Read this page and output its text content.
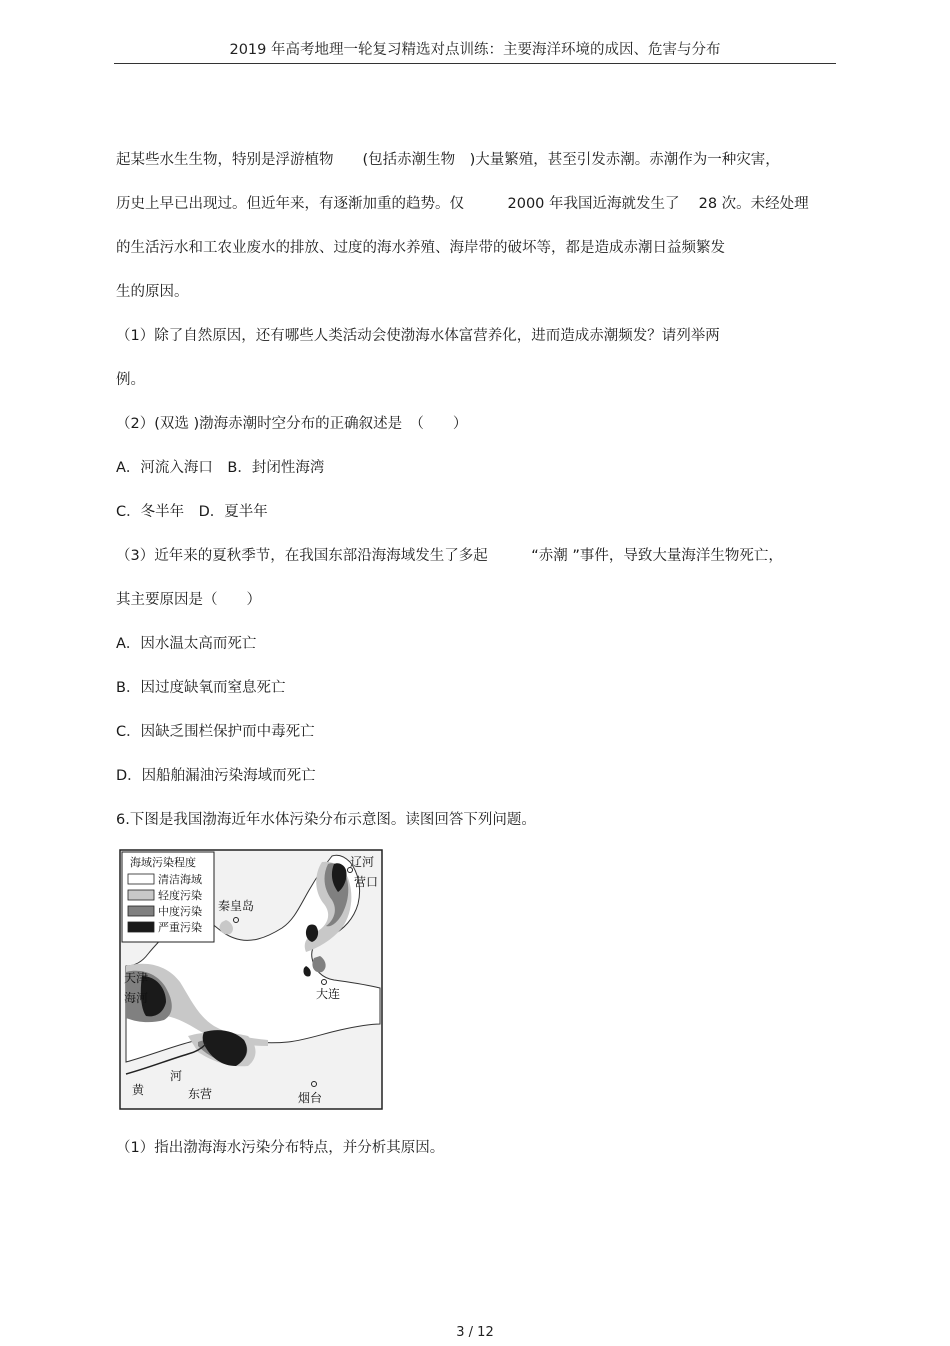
2019 年高考地理一轮复习精选对点训练：主要海洋环境的成因、危害与分布
起某些水生生物，特别是浮游植物　　(包括赤潮生物　)大量繁殖，甚至引发赤潮。赤潮作为一种灾害，
历史上早已出现过。但近年来，有逐渐加重的趋势。仅　　　2000 年我国近海就发生了　 28 次。未经处理
的生活污水和工农业废水的排放、过度的海水养殖、海岸带的破坏等，都是造成赤潮日益频繁发
生的原因。
（1）除了自然原因，还有哪些人类活动会使渤海水体富营养化，进而造成赤潮频发？请列举两
例。
（2）(双选 )渤海赤潮时空分布的正确叙述是　（　　）
A．河流入海口　B．封闭性海湾
C．冬半年　D．夏半年
（3）近年来的夏秋季节，在我国东部沿海海域发生了多起　　　“赤潮 ”事件，导致大量海洋生物死亡，
其主要原因是（　　）
A．因水温太高而死亡
B．因过度缺氧而窒息死亡
C．因缺乏围栏保护而中毒死亡
D．因船舶漏油污染海域而死亡
6.下图是我国渤海近年水体污染分布示意图。读图回答下列问题。
海域污染程度
清洁海域
轻度污染
中度污染
严重污染
辽河
营口
秦皇岛
大连
天津
海河
黄
河
东营	烟台
（1）指出渤海海水污染分布特点，并分析其原因。
3 / 12
